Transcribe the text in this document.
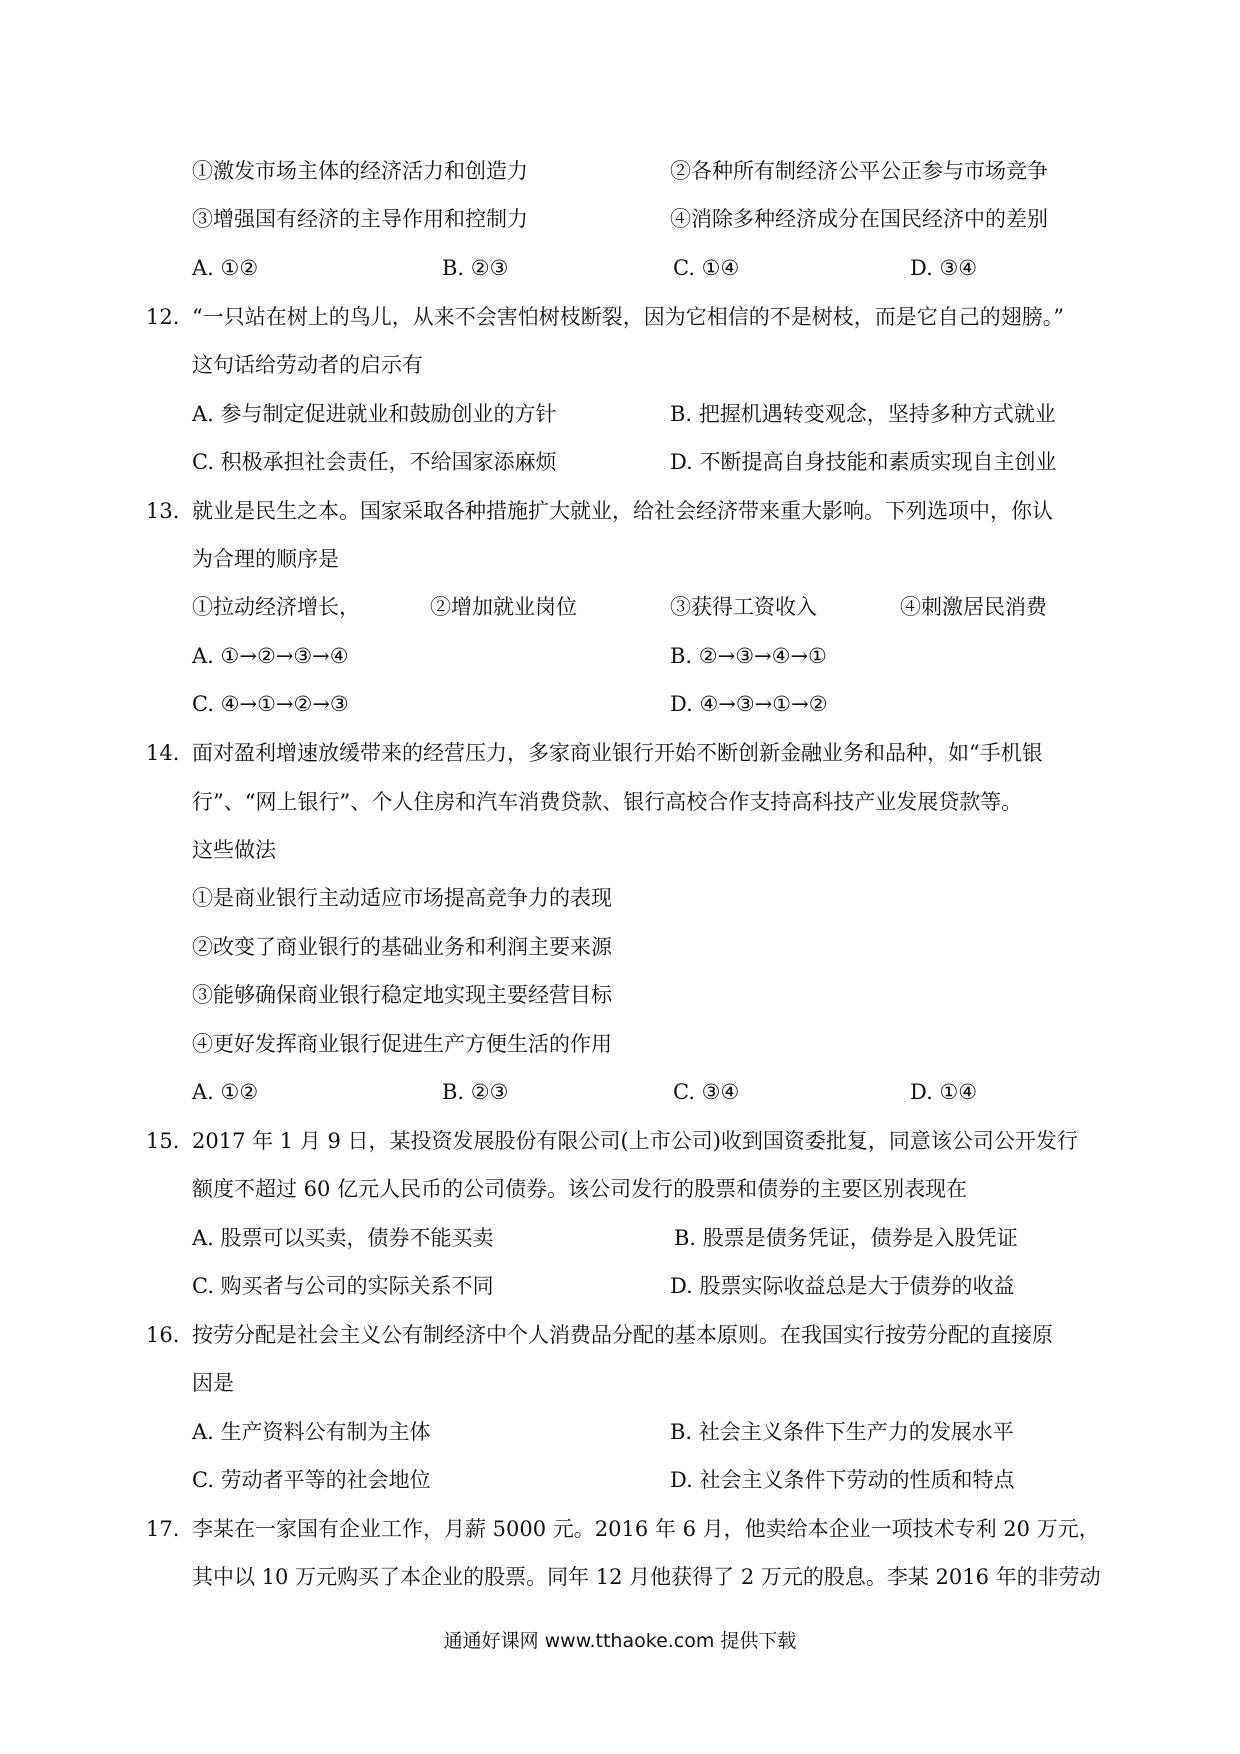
①激发市场主体的经济活力和创造力	②各种所有制经济公平公正参与市场竞争
③增强国有经济的主导作用和控制力	④消除多种经济成分在国民经济中的差别
A. ①②	B. ②③	C. ①④	D. ③④
12. “一只站在树上的鸟儿，从来不会害怕树枝断裂，因为它相信的不是树枝，而是它自己的翅膀。”
这句话给劳动者的启示有
A. 参与制定促进就业和鼓励创业的方针	B. 把握机遇转变观念，坚持多种方式就业
C. 积极承担社会责任，不给国家添麻烦	D. 不断提高自身技能和素质实现自主创业
13. 就业是民生之本。国家采取各种措施扩大就业，给社会经济带来重大影响。下列选项中，你认
为合理的顺序是
①拉动经济增长，	②增加就业岗位	③获得工资收入	④刺激居民消费
A. ①→②→③→④	B. ②→③→④→①
C. ④→①→②→③	D. ④→③→①→②
14. 面对盈利增速放缓带来的经营压力，多家商业银行开始不断创新金融业务和品种，如“手机银
行”、“网上银行”、个人住房和汽车消费贷款、银行高校合作支持高科技产业发展贷款等。
这些做法
①是商业银行主动适应市场提高竞争力的表现
②改变了商业银行的基础业务和利润主要来源
③能够确保商业银行稳定地实现主要经营目标
④更好发挥商业银行促进生产方便生活的作用
A. ①②	B. ②③	C. ③④	D. ①④
15. 2017 年 1 月 9 日，某投资发展股份有限公司(上市公司)收到国资委批复，同意该公司公开发行
额度不超过 60 亿元人民币的公司债券。该公司发行的股票和债券的主要区别表现在
A. 股票可以买卖，债券不能买卖	B. 股票是债务凭证，债券是入股凭证
C. 购买者与公司的实际关系不同	D. 股票实际收益总是大于债券的收益
16. 按劳分配是社会主义公有制经济中个人消费品分配的基本原则。在我国实行按劳分配的直接原
因是
A. 生产资料公有制为主体	B. 社会主义条件下生产力的发展水平
C. 劳动者平等的社会地位	D. 社会主义条件下劳动的性质和特点
17. 李某在一家国有企业工作，月薪 5000 元。2016 年 6 月，他卖给本企业一项技术专利 20 万元，
其中以 10 万元购买了本企业的股票。同年 12 月他获得了 2 万元的股息。李某 2016 年的非劳动
通通好课网 www.tthaoke.com 提供下载
